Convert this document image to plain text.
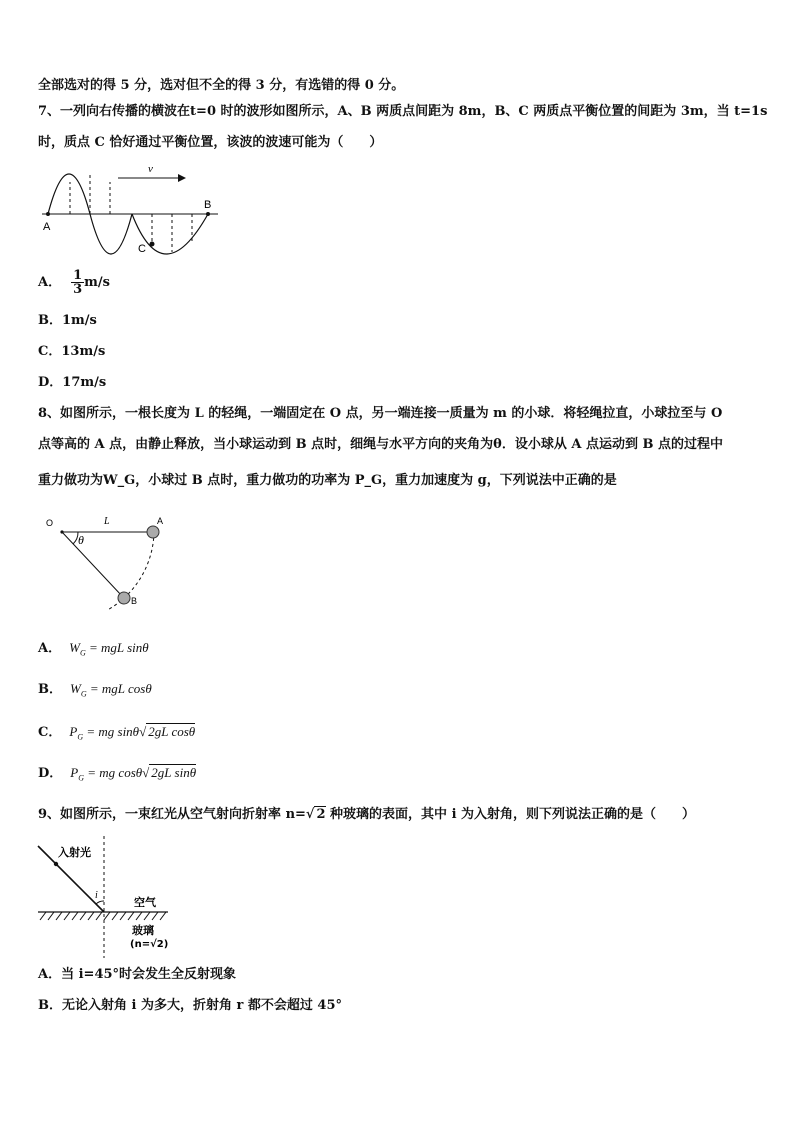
全部选对的得 5 分，选对但不全的得 3 分，有选错的得 0 分。
7、一列向右传播的横波在t=0 时的波形如图所示，A、B 两质点间距为 8m，B、C 两质点平衡位置的间距为 3m，当 t=1s
时，质点 C 恰好通过平衡位置，该波的波速可能为（　　）
v
A
B
C
A． $\frac{1}{3} m/s$
B．1m/s
C．13m/s
D．17m/s
8、如图所示，一根长度为 L 的轻绳，一端固定在 O 点，另一端连接一质量为 m 的小球．将轻绳拉直，小球拉至与 O
点等高的 A 点，由静止释放，当小球运动到 B 点时，细绳与水平方向的夹角为θ．设小球从 A 点运动到 B 点的过程中
重力做功为W_G，小球过 B 点时，重力做功的功率为 P_G，重力加速度为 g，下列说法中正确的是
O	L	A
B
θ
A． $W_G$ = mgL sinθ
B． $W_G$ = mgL cosθ
C． $P_G$ = mg sinθ√ 2gL cosθ
D． $P_G$ = mg cosθ√ 2gL sinθ
9、如图所示，一束红光从空气射向折射率 n=√ 2 种玻璃的表面，其中 i 为入射角，则下列说法正确的是（　　）
入射光
i
空气
玻璃
(n=√2)
A．当 i=45°时会发生全反射现象
B．无论入射角 i 为多大，折射角 r 都不会超过 45°
